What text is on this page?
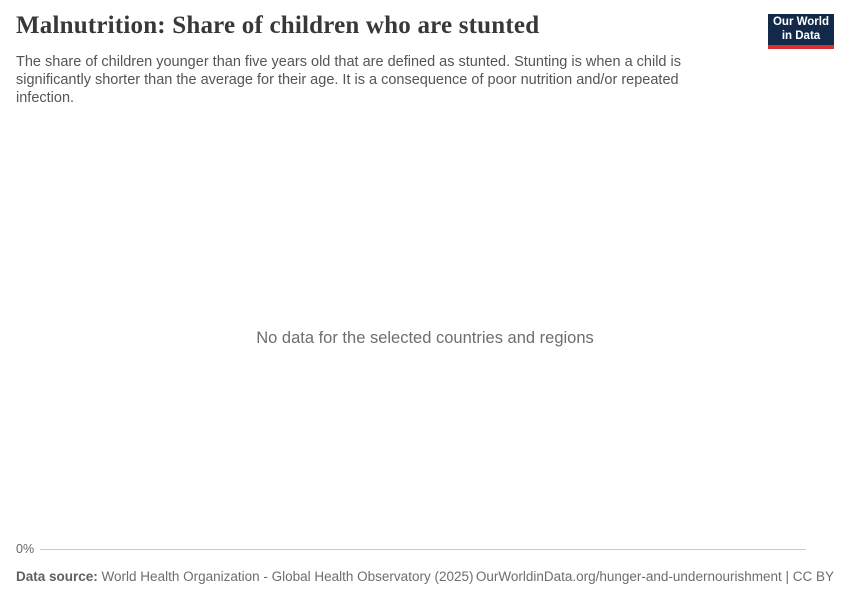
Malnutrition: Share of children who are stunted
The share of children younger than five years old that are defined as stunted. Stunting is when a child is
significantly shorter than the average for their age. It is a consequence of poor nutrition and/or repeated
infection.
Our World
in Data
No data for the selected countries and regions
0%
Data source: World Health Organization - Global Health Observatory (2025) OurWorldinData.org/hunger-and-undernourishment | CC BY
